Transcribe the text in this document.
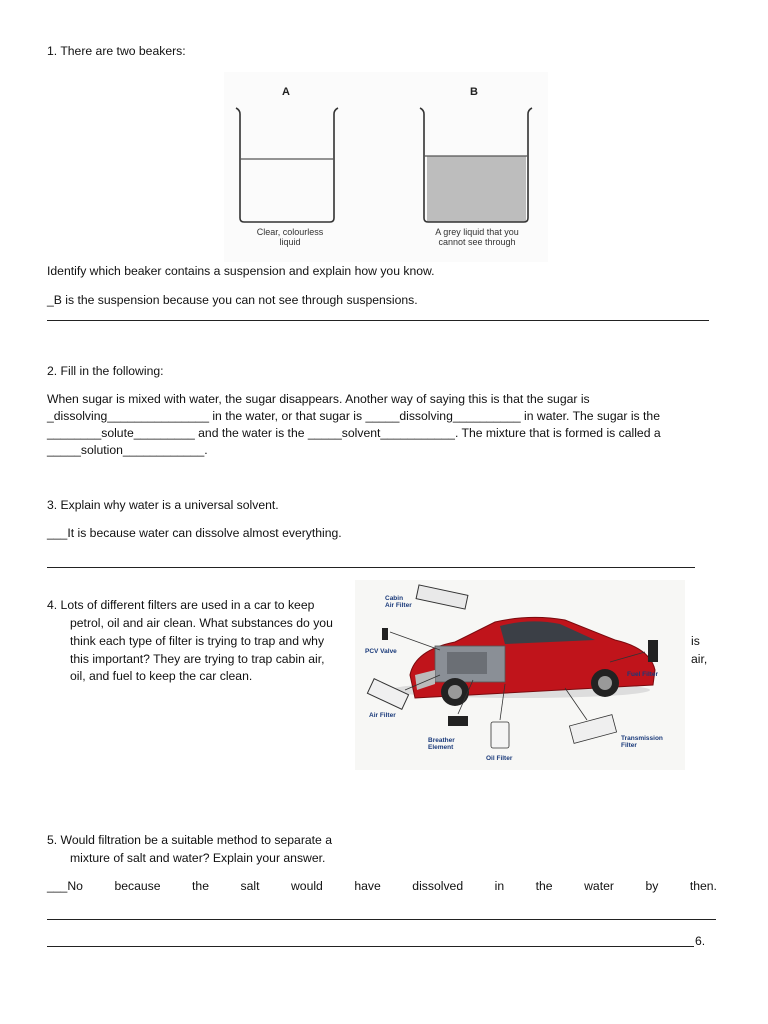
1. There are two beakers:
A
Clear, colourless
liquid
B
A grey liquid that you
cannot see through
Identify which beaker contains a suspension and explain how you know.
_B is the suspension because you can not see through suspensions.
2. Fill in the following:
When sugar is mixed with water, the sugar disappears. Another way of saying this is that the sugar is
_dissolving_______________ in the water, or that sugar is _____dissolving__________ in water. The sugar is the
________solute_________ and the water is the _____solvent___________. The mixture that is formed is called a
_____solution____________.
3. Explain why water is a universal solvent.
___It is because water can dissolve almost everything.
4. Lots of different filters are used in a car to keep
petrol, oil and air clean. What substances do you
think each type of filter is trying to trap and why	is
this important? They are trying to trap cabin air,	air,
oil, and fuel to keep the car clean.
Cabin
Air Filter
PCV Valve
Fuel Filter
Air Filter
Breather
Element
Oil Filter
Transmission
Filter
5. Would filtration be a suitable method to separate a
mixture of salt and water? Explain your answer.
___No	because	the	salt	would	have	dissolved	in	the	water	by	then.
6.
